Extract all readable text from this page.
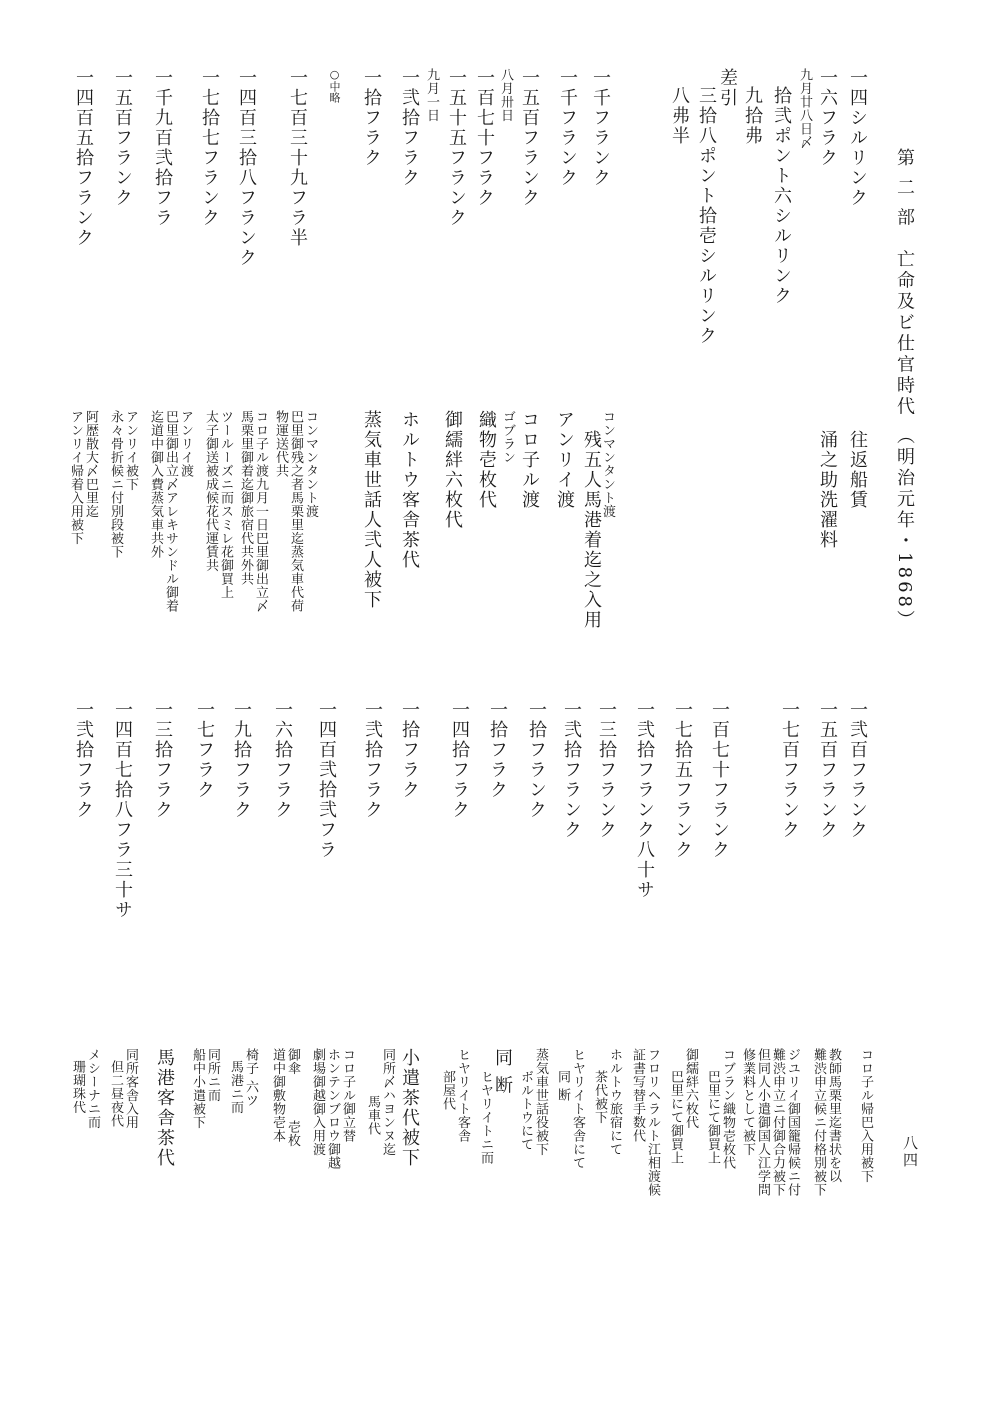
第 二 部　亡命及ビ仕官時代 （明治元年・1868）
八四
一四シルリンク
一六フラク
九月廿八日〆
拾弐ポント六シルリンク
九拾弗
差引
三拾八ポント拾壱シルリンク
八弗半
一千フランク
一千フランク
一五百フランク
一五十五フランク 八月卅日
一百七十フラク
九月一日
一弐拾フラク
一拾フラク
○中略
一七百三十九フラ半
一四百三拾八フランク
一七拾七フランク
一千九百弐拾フラ
一五百フランク
一四百五拾フランク
往返船賃
涌之助洗濯料
コンマンタント渡
残五人馬港着迄之入用
アンリイ渡
コロ子ル渡
ゴブラン
織物壱枚代
御繻絆六枚代
ホルトウ客舎茶代
蒸気車世話人弐人被下
コンマンタント渡
巴里御残之者馬栗里迄蒸気車代荷
物運送代共
コロ子ル渡九月一日巴里御出立〆
馬栗里御着迄御旅宿代共外共
ツールーズニ而スミレ花御買上
太子御送被成候花代運賃共
アンリイ渡
巴里御出立〆アレキサンドル御着
迄道中御入費蒸気車共外
アンリイ被下
永々骨折候ニ付別段被下
阿歴散大〆巴里迄
アンリイ帰着入用被下
一弐百フランク
一五百フランク
一七百フランク
一百七十フランク
一七拾五フランク
一弐拾フランク八十サ
一三拾フランク
一弐拾フランク
一拾フランク
一拾フラク
一四拾フラク
一拾フラク
一弐拾フラク
一四百弐拾弐フラ
一六拾フラク
一九拾フラク
一七フラク
一三拾フラク
一四百七拾八フラ三十サ
一弐拾フラク
コロ子ル帰巴入用被下
教師馬栗里迄書状を以
難渋申立候ニ付格別被下
ジユリイ御国籠帰候ニ付
難渋申立ニ付御合力被下
但同人小遣御国人江学問
修業料として被下
コブラン織物壱枚代
巴里にて御買上
御繻絆六枚代
巴里にて御買上
フロリヘラルト江相渡候
証書写替手数代
ホルトウ旅宿にて
茶代被下
ヒヤリイト客舎にて
同 断
蒸気車世話役被下
ボルトウにて
同 断
ヒヤリイトニ而
ヒヤリイト客舎
部屋代
小遣茶代被下
同所〆ハヨンヌ迄
馬車代
コロ子ル御立替
ホンテンブロウ御越
劇場御越御入用渡
御傘
道中御敷物壱本 壱枚
椅子
六ツ
馬港ニ而
同所ニ而
船中小遣被下
馬港客舎茶代
同所客舎入用
但二昼夜代
メシーナニ而
珊瑚珠代
